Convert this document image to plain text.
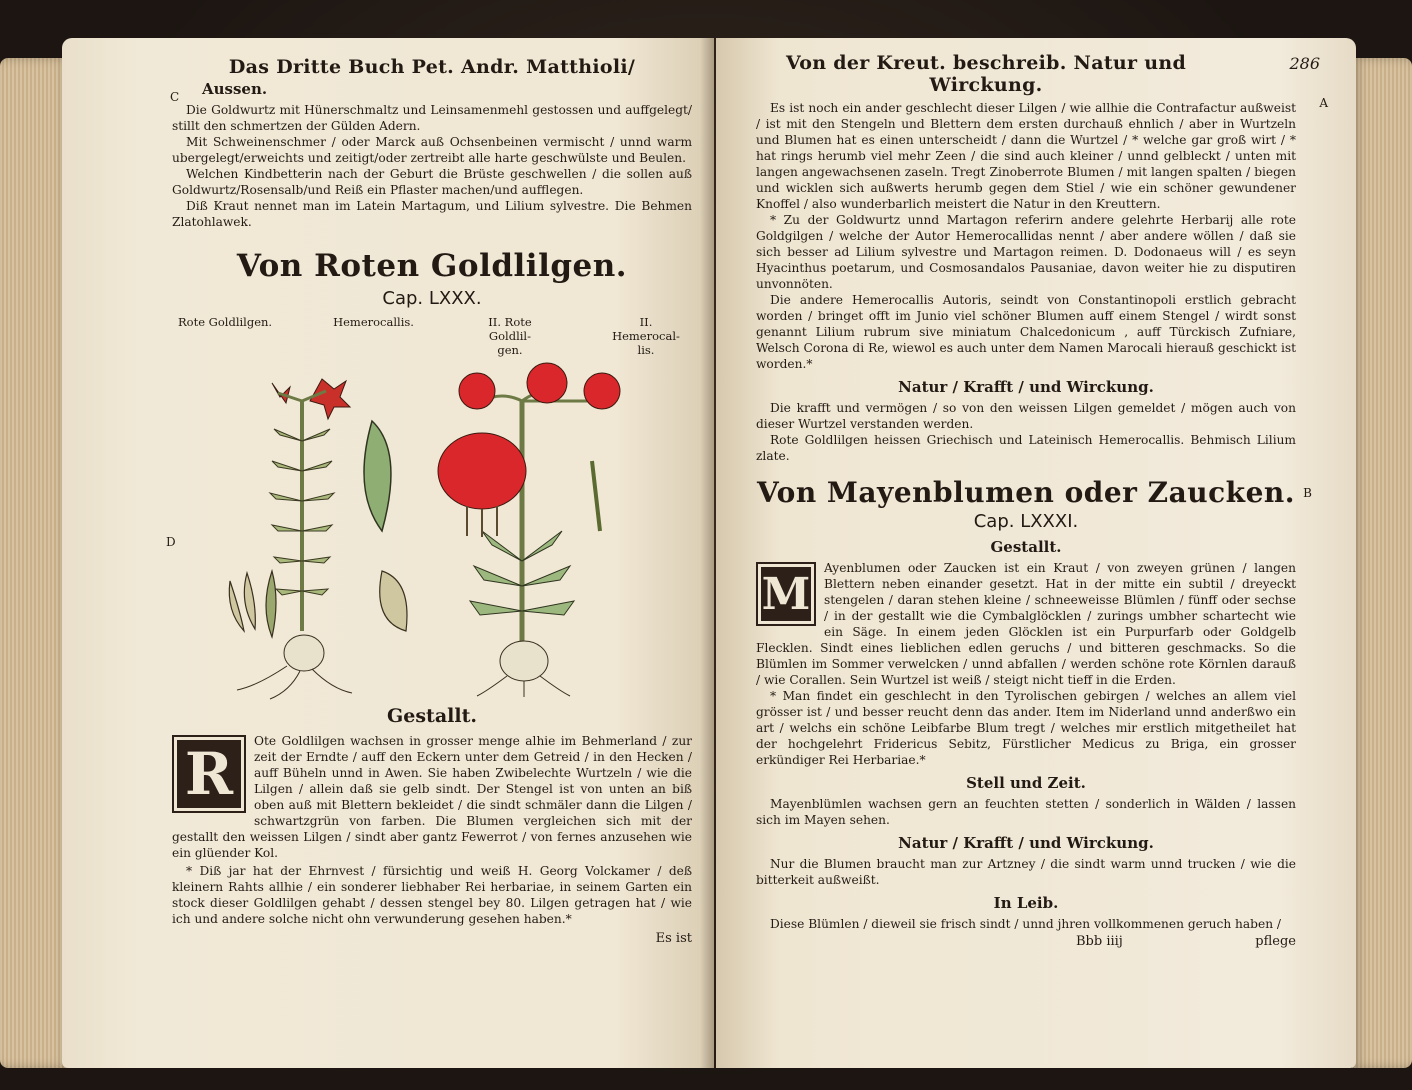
C
D
Das Dritte Buch Pet. Andr. Matthioli/
Aussen.

Die Goldwurtz mit Hünerschmaltz und Leinsamenmehl gestossen und auffgelegt/ stillt den schmertzen der Gülden Adern.

Mit Schweinenschmer / oder Marck auß Ochsenbeinen vermischt / unnd warm ubergelegt/erweichts und zeitigt/oder zertreibt alle harte geschwülste und Beulen.

Welchen Kindbetterin nach der Geburt die Brüste geschwellen / die sollen auß Goldwurtz/Rosensalb/und Reiß ein Pflaster machen/und aufflegen.

Diß Kraut nennet man im Latein Martagum, und Lilium sylvestre. Die Behmen Zlatohlawek.

Von Roten Goldlilgen.
Cap. LXXX.
Rote Goldlilgen.	Hemerocallis.	II. Rote Goldlil- gen.
II. Hemerocal- lis.
Gestallt.
R	Ote Goldlilgen wachsen in grosser menge alhie im Behmerland / zur zeit der Erndte / auff den Eckern unter dem Getreid / in den Hecken / auff Büheln unnd in Awen. Sie haben Zwibelechte Wurtzeln / wie die Lilgen / allein daß sie gelb sindt. Der Stengel ist von unten an biß oben auß mit Blettern bekleidet / die sindt schmäler dann die Lilgen / schwartzgrün von farben. Die Blumen vergleichen sich mit der gestallt den weissen Lilgen / sindt aber gantz Fewerrot / von fernes anzusehen wie ein glüender Kol.

* Diß jar hat der Ehrnvest / fürsichtig und weiß H. Georg Volckamer / deß kleinern Rahts allhie / ein sonderer liebhaber Rei herbariae, in seinem Garten ein stock dieser Goldlilgen gehabt / dessen stengel bey 80. Lilgen getragen hat / wie ich und andere solche nicht ohn verwunderung gesehen haben.*

Es ist
286
A
B
Von der Kreut. beschreib. Natur und Wirckung.

Es ist noch ein ander geschlecht dieser Lilgen / wie allhie die Contrafactur außweist / ist mit den Stengeln und Blettern dem ersten durchauß ehnlich / aber in Wurtzeln und Blumen hat es einen unterscheidt / dann die Wurtzel / * welche gar groß wirt / * hat rings herumb viel mehr Zeen / die sind auch kleiner / unnd gelbleckt / unten mit langen angewachsenen zaseln. Tregt Zinoberrote Blumen / mit langen spalten / biegen und wicklen sich außwerts herumb gegen dem Stiel / wie ein schöner gewundener Knoffel / also wunderbarlich meistert die Natur in den Kreuttern.

* Zu der Goldwurtz unnd Martagon referirn andere gelehrte Herbarij alle rote Goldgilgen / welche der Autor Hemerocallidas nennt / aber andere wöllen / daß sie sich besser ad Lilium sylvestre und Martagon reimen. D. Dodonaeus will / es seyn Hyacinthus poetarum, und Cosmosandalos Pausaniae, davon weiter hie zu disputiren unvonnöten.

Die andere Hemerocallis Autoris, seindt von Constantinopoli erstlich gebracht worden / bringet offt im Junio viel schöner Blumen auff einem Stengel / wirdt sonst genannt Lilium rubrum sive miniatum Chalcedonicum , auff Türckisch Zufniare, Welsch Corona di Re, wiewol es auch unter dem Namen Marocali hierauß geschickt ist worden.*

Natur / Krafft / und Wirckung.

Die krafft und vermögen / so von den weissen Lilgen gemeldet / mögen auch von dieser Wurtzel verstanden werden.

Rote Goldlilgen heissen Griechisch und Lateinisch Hemerocallis. Behmisch Lilium zlate.

Von Mayenblumen oder Zaucken.
Cap. LXXXI.
Gestallt.
M

Ayenblumen oder Zaucken ist ein Kraut / von zweyen grünen / langen Blettern neben einander gesetzt. Hat in der mitte ein subtil / dreyeckt stengelen / daran stehen kleine / schneeweisse Blümlen / fünff oder sechse / in der gestallt wie die Cymbalglöcklen / zurings umbher schartecht wie ein Säge. In einem jeden Glöcklen ist ein Purpurfarb oder Goldgelb Flecklen. Sindt eines lieblichen edlen geruchs / und bitteren geschmacks. So die Blümlen im Sommer verwelcken / unnd abfallen / werden schöne rote Körnlen darauß / wie Corallen. Sein Wurtzel ist weiß / steigt nicht tieff in die Erden.

* Man findet ein geschlecht in den Tyrolischen gebirgen / welches an allem viel grösser ist / und besser reucht denn das ander. Item im Niderland unnd anderßwo ein art / welchs ein schöne Leibfarbe Blum tregt / welches mir erstlich mitgetheilet hat der hochgelehrt Fridericus Sebitz, Fürstlicher Medicus zu Briga, ein grosser erkündiger Rei Herbariae.*

Stell und Zeit.

Mayenblümlen wachsen gern an feuchten stetten / sonderlich in Wälden / lassen sich im Mayen sehen.

Natur / Krafft / und Wirckung.

Nur die Blumen braucht man zur Artzney / die sindt warm unnd trucken / wie die bitterkeit außweißt.

In Leib.

Diese Blümlen / dieweil sie frisch sindt / unnd jhren vollkommenen geruch haben /

Bbb iiij	pflege
